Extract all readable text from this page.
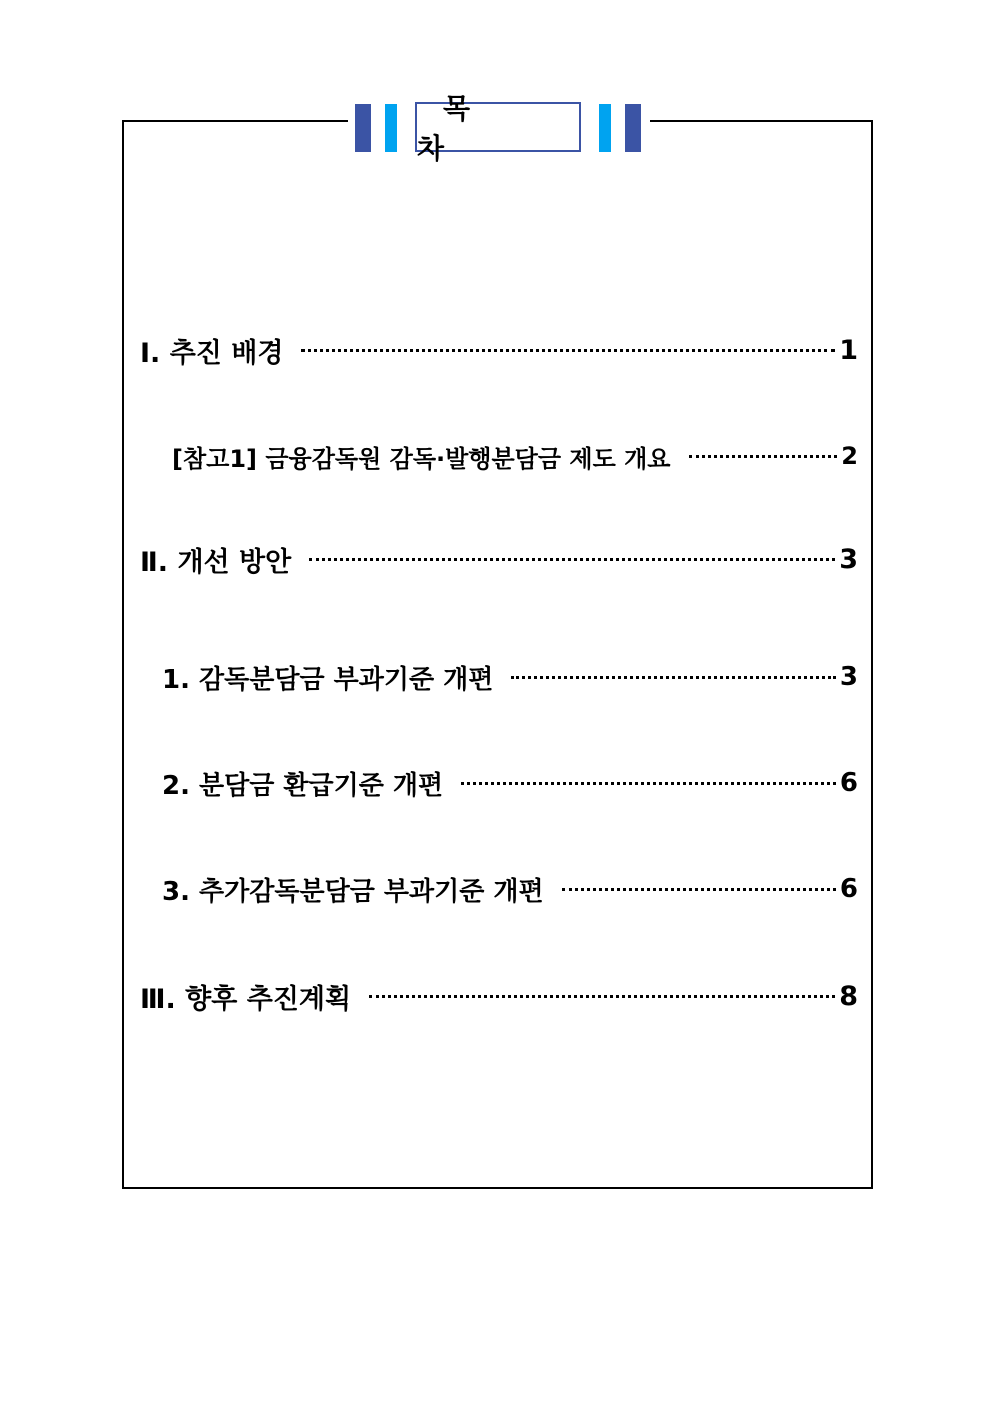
목 차
Ⅰ. 추진 배경	1
[참고1] 금융감독원 감독·발행분담금 제도 개요	2
Ⅱ. 개선 방안	3
1. 감독분담금 부과기준 개편	3
2. 분담금 환급기준 개편	6
3. 추가감독분담금 부과기준 개편	6
Ⅲ. 향후 추진계획	8
